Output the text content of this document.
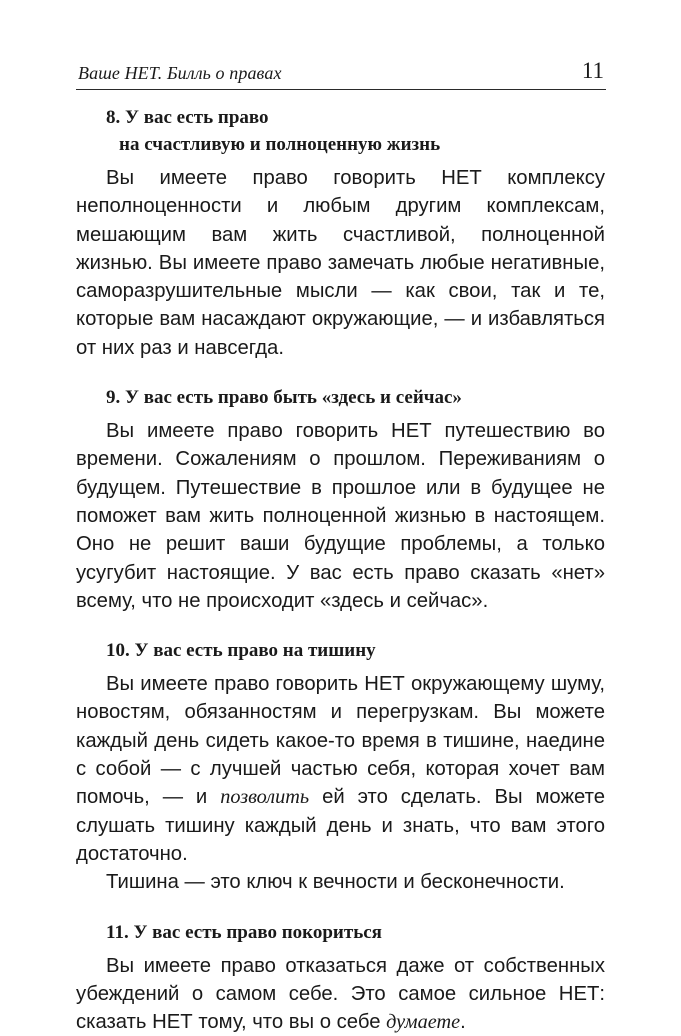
Ваше НЕТ. Билль о правах	11

8. У вас есть право
на счастливую и полноценную жизнь

Вы имеете право говорить НЕТ комплексу неполноценности и любым другим комплексам, мешающим вам жить счастливой, полноценной жизнью. Вы имеете право замечать любые негативные, саморазрушительные мысли — как свои, так и те, которые вам насаждают окружающие, — и избавляться от них раз и навсегда.

9. У вас есть право быть «здесь и сейчас»

Вы имеете право говорить НЕТ путешествию во времени. Сожалениям о прошлом. Переживаниям о будущем. Путешествие в прошлое или в будущее не поможет вам жить полноценной жизнью в настоящем. Оно не решит ваши будущие проблемы, а только усугубит настоящие. У вас есть право сказать «нет» всему, что не происходит «здесь и сейчас».

10. У вас есть право на тишину

Вы имеете право говорить НЕТ окружающему шуму, новостям, обязанностям и перегрузкам. Вы можете каждый день сидеть какое-то время в тишине, наедине с собой — с лучшей частью себя, которая хочет вам помочь, — и позволить ей это сделать. Вы можете слушать тишину каждый день и знать, что вам этого достаточно.

Тишина — это ключ к вечности и бесконечности.

11. У вас есть право покориться

Вы имеете право отказаться даже от собственных убеждений о самом себе. Это самое сильное НЕТ: сказать НЕТ тому, что вы о себе думаете.
